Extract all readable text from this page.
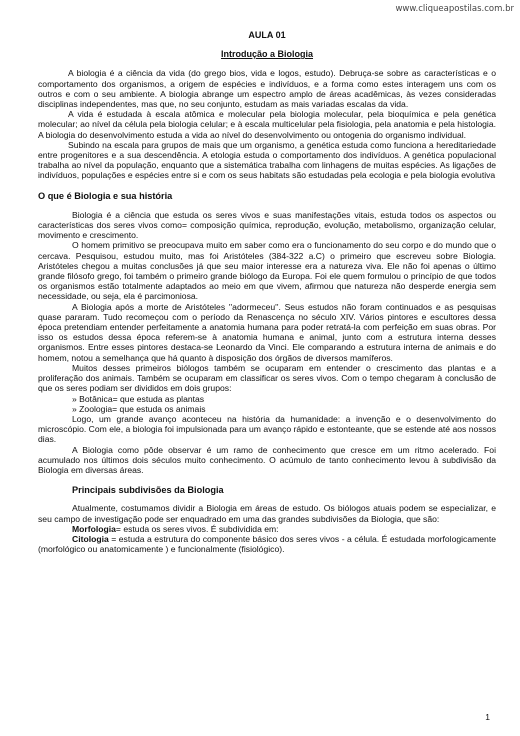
www.cliqueapostilas.com.br
AULA 01
Introdução a Biologia

A biologia é a ciência da vida (do grego bios, vida e logos, estudo). Debruça-se sobre as características e o comportamento dos organismos, a origem de espécies e indivíduos, e a forma como estes interagem uns com os outros e com o seu ambiente. A biologia abrange um espectro amplo de áreas acadêmicas, às vezes consideradas disciplinas independentes, mas que, no seu conjunto, estudam as mais variadas escalas da vida.

A vida é estudada à escala atômica e molecular pela biologia molecular, pela bioquímica e pela genética molecular; ao nível da célula pela biologia celular; e à escala multicelular pela fisiologia, pela anatomia e pela histologia. A biologia do desenvolvimento estuda a vida ao nível do desenvolvimento ou ontogenia do organismo individual.

Subindo na escala para grupos de mais que um organismo, a genética estuda como funciona a hereditariedade entre progenitores e a sua descendência. A etologia estuda o comportamento dos indivíduos. A genética populacional trabalha ao nível da população, enquanto que a sistemática trabalha com linhagens de muitas espécies. As ligações de indivíduos, populações e espécies entre si e com os seus habitats são estudadas pela ecologia e pela biologia evolutiva

O que é Biologia e sua história

Biologia é a ciência que estuda os seres vivos e suas manifestações vitais, estuda todos os aspectos ou características dos seres vivos como= composição química, reprodução, evolução, metabolismo, organização celular, movimento e crescimento.

O homem primitivo se preocupava muito em saber como era o funcionamento do seu corpo e do mundo que o cercava. Pesquisou, estudou muito, mas foi Aristóteles (384-322 a.C) o primeiro que escreveu sobre Biologia. Aristóteles chegou a muitas conclusões já que seu maior interesse era a natureza viva. Ele não foi apenas o último grande filósofo grego, foi também o primeiro grande biólogo da Europa. Foi ele quem formulou o princípio de que todos os organismos estão totalmente adaptados ao meio em que vivem, afirmou que natureza não desperde energia sem necessidade, ou seja, ela é parcimoniosa.

A Biologia após a morte de Aristóteles ''adormeceu''. Seus estudos não foram continuados e as pesquisas quase pararam. Tudo recomeçou com o período da Renascença no século XIV. Vários pintores e escultores dessa época pretendiam entender perfeitamente a anatomia humana para poder retratá-la com perfeição em suas obras. Por isso os estudos dessa época referem-se à anatomia humana e animal, junto com a estrutura interna desses organismos. Entre esses pintores destaca-se Leonardo da Vinci. Ele comparando a estrutura interna de animais e do homem, notou a semelhança que há quanto à disposição dos órgãos de diversos mamíferos.

Muitos desses primeiros biólogos também se ocuparam em entender o crescimento das plantas e a proliferação dos animais. Também se ocuparam em classificar os seres vivos. Com o tempo chegaram à conclusão de que os seres podiam ser divididos em dois grupos:

» Botânica= que estuda as plantas
» Zoologia= que estuda os animais

Logo, um grande avanço aconteceu na história da humanidade: a invenção e o desenvolvimento do microscópio. Com ele, a biologia foi impulsionada para um avanço rápido e estonteante, que se estende até aos nossos dias.

A Biologia como pôde observar é um ramo de conhecimento que cresce em um ritmo acelerado. Foi acumulado nos últimos dois séculos muito conhecimento. O acúmulo de tanto conhecimento levou à subdivisão da Biologia em diversas áreas.

Principais subdivisões da Biologia

Atualmente, costumamos dividir a Biologia em áreas de estudo. Os biólogos atuais podem se especializar, e seu campo de investigação pode ser enquadrado em uma das grandes subdivisões da Biologia, que são:

Morfologia= estuda os seres vivos. É subdividida em:

Citologia = estuda a estrutura do componente básico dos seres vivos - a célula. É estudada morfologicamente (morfológico ou anatomicamente ) e funcionalmente (fisiológico).

1
